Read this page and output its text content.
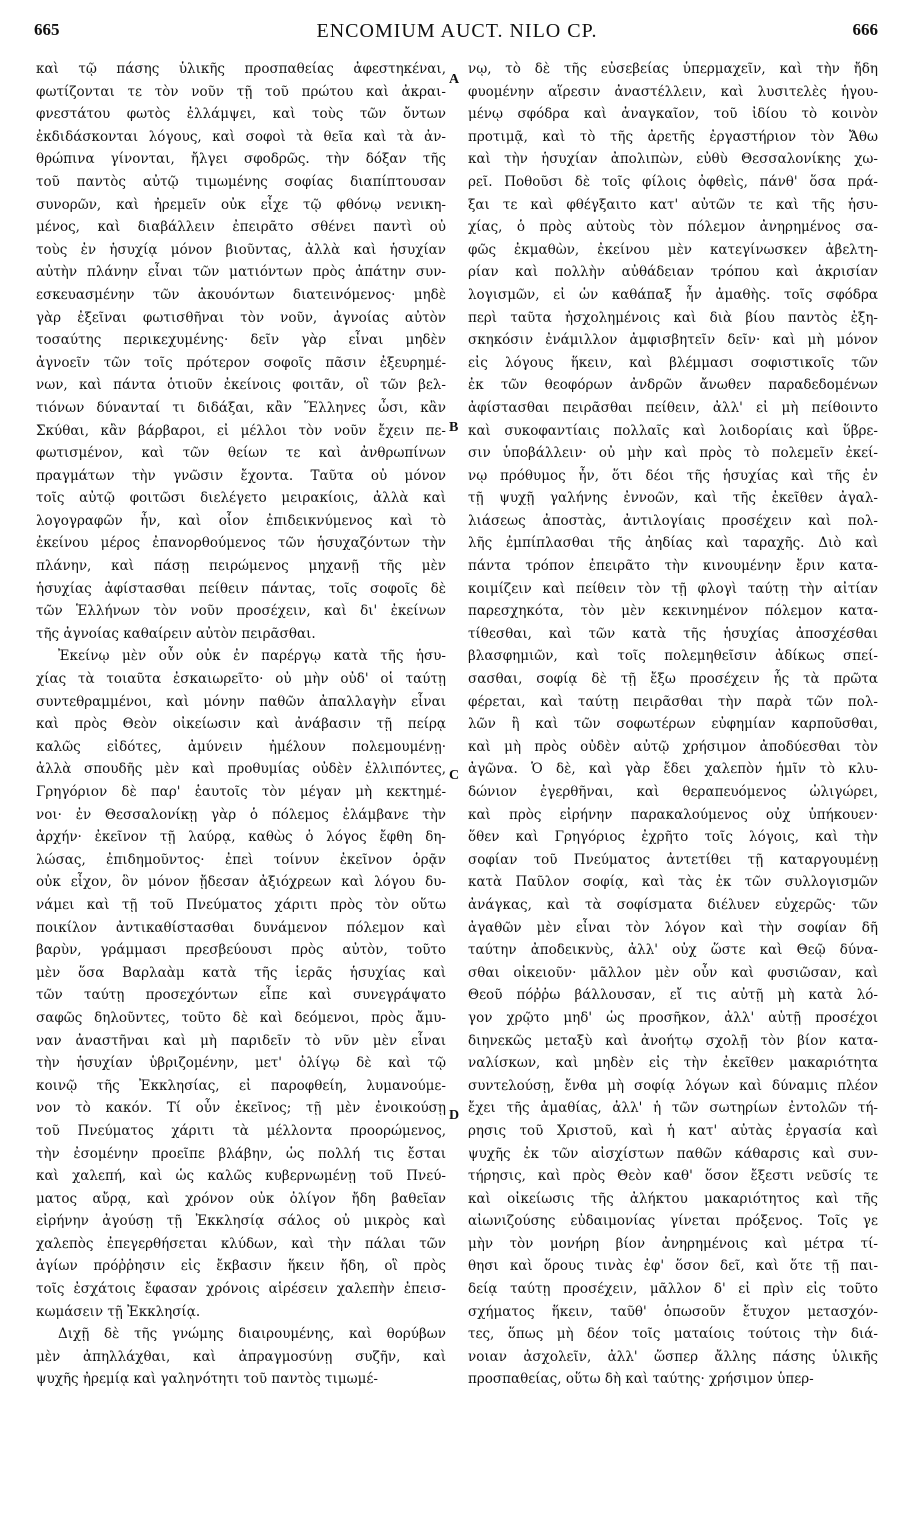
665	ENCOMIUM AUCT. NILO CP.	666
A
B
C
D
καὶ τῷ πάσης ὑλικῆς προσπαθείας ἀφεστηκέναι,
φωτίζονται τε τὸν νοῦν τῇ τοῦ πρώτου καὶ ἀκραι-
φνεστάτου φωτὸς ἐλλάμψει, καὶ τοὺς τῶν ὄντων
ἐκδιδάσκονται λόγους, καὶ σοφοὶ τὰ θεῖα καὶ τὰ ἀν-
θρώπινα γίνονται, ἤλγει σφοδρῶς. τὴν δόξαν τῆς
τοῦ παντὸς αὐτῷ τιμωμένης σοφίας διαπίπτουσαν
συνορῶν, καὶ ἠρεμεῖν οὐκ εἶχε τῷ φθόνῳ νενικη-
μένος, καὶ διαβάλλειν ἐπειρᾶτο σθένει παντὶ οὐ
τοὺς ἐν ἡσυχίᾳ μόνον βιοῦντας, ἀλλὰ καὶ ἡσυχίαν
αὐτὴν πλάνην εἶναι τῶν ματιόντων πρὸς ἀπάτην συν-
εσκευασμένην τῶν ἀκουόντων διατεινόμενος· μηδὲ
γὰρ ἐξεῖναι φωτισθῆναι τὸν νοῦν, ἀγνοίας αὐτὸν
τοσαύτης περικεχυμένης· δεῖν γὰρ εἶναι μηδὲν
ἀγνοεῖν τῶν τοῖς πρότερον σοφοῖς πᾶσιν ἐξευρημέ-
νων, καὶ πάντα ὁτιοῦν ἐκείνοις φοιτᾶν, οἳ τῶν βελ-
τιόνων δύνανταί τι διδάξαι, κἂν Ἕλληνες ὦσι, κἂν
Σκύθαι, κἂν βάρβαροι, εἰ μέλλοι τὸν νοῦν ἔχειν πε-
φωτισμένον, καὶ τῶν θείων τε καὶ ἀνθρωπίνων
πραγμάτων τὴν γνῶσιν ἔχοντα. Ταῦτα οὐ μόνον
τοῖς αὐτῷ φοιτῶσι διελέγετο μειρακίοις, ἀλλὰ καὶ
λογογραφῶν ἦν, καὶ οἷον ἐπιδεικνύμενος καὶ τὸ
ἐκείνου μέρος ἐπανορθούμενος τῶν ἡσυχαζόντων τὴν
πλάνην, καὶ πάσῃ πειρώμενος μηχανῇ τῆς μὲν
ἡσυχίας ἀφίστασθαι πείθειν πάντας, τοῖς σοφοῖς δὲ
τῶν Ἑλλήνων τὸν νοῦν προσέχειν, καὶ δι' ἐκείνων
τῆς ἀγνοίας καθαίρειν αὐτὸν πειρᾶσθαι.
Ἐκείνῳ μὲν οὖν οὐκ ἐν παρέργῳ κατὰ τῆς ἡσυ-
χίας τὰ τοιαῦτα ἐσκαιωρεῖτο· οὐ μὴν οὐδ' οἱ ταύτῃ
συντεθραμμένοι, καὶ μόνην παθῶν ἀπαλλαγὴν εἶναι
καὶ πρὸς Θεὸν οἰκείωσιν καὶ ἀνάβασιν τῇ πείρᾳ
καλῶς εἰδότες, ἀμύνειν ἠμέλουν πολεμουμένῃ·
ἀλλὰ σπουδῆς μὲν καὶ προθυμίας οὐδὲν ἐλλιπόντες,
Γρηγόριον δὲ παρ' ἑαυτοῖς τὸν μέγαν μὴ κεκτημέ-
νοι· ἐν Θεσσαλονίκῃ γὰρ ὁ πόλεμος ἐλάμβανε τὴν
ἀρχήν· ἐκεῖνον τῇ λαύρᾳ, καθὼς ὁ λόγος ἔφθη δη-
λώσας, ἐπιδημοῦντος· ἐπεὶ τοίνυν ἐκεῖνον ὁρᾷν
οὐκ εἶχον, ὃν μόνον ᾔδεσαν ἀξιόχρεων καὶ λόγου δυ-
νάμει καὶ τῇ τοῦ Πνεύματος χάριτι πρὸς τὸν οὕτω
ποικίλον ἀντικαθίστασθαι δυνάμενον πόλεμον καὶ
βαρὺν, γράμμασι πρεσβεύουσι πρὸς αὐτὸν, τοῦτο
μὲν ὅσα Βαρλαὰμ κατὰ τῆς ἱερᾶς ἡσυχίας καὶ
τῶν ταύτῃ προσεχόντων εἶπε καὶ συνεγράψατο
σαφῶς δηλοῦντες, τοῦτο δὲ καὶ δεόμενοι, πρὸς ἄμυ-
ναν ἀναστῆναι καὶ μὴ παριδεῖν τὸ νῦν μὲν εἶναι
τὴν ἡσυχίαν ὑβριζομένην, μετ' ὀλίγῳ δὲ καὶ τῷ
κοινῷ τῆς Ἐκκλησίας, εἰ παροφθείη, λυμανούμε-
νον τὸ κακόν. Τί οὖν ἐκεῖνος; τῇ μὲν ἐνοικούσῃ
τοῦ Πνεύματος χάριτι τὰ μέλλοντα προορώμενος,
τὴν ἐσομένην προεῖπε βλάβην, ὡς πολλή τις ἔσται
καὶ χαλεπή, καὶ ὡς καλῶς κυβερνωμένῃ τοῦ Πνεύ-
ματος αὔρᾳ, καὶ χρόνον οὐκ ὀλίγον ἤδη βαθεῖαν
εἰρήνην ἀγούσῃ τῇ Ἐκκλησίᾳ σάλος οὐ μικρὸς καὶ
χαλεπὸς ἐπεγερθήσεται κλύδων, καὶ τὴν πάλαι τῶν
ἁγίων πρόῤῥησιν εἰς ἔκβασιν ἥκειν ἤδη, οἳ πρὸς
τοῖς ἐσχάτοις ἔφασαν χρόνοις αἱρέσειν χαλεπὴν ἐπεισ-
κωμάσειν τῇ Ἐκκλησίᾳ.
Διχῇ δὲ τῆς γνώμης διαιρουμένης, καὶ θορύβων
μὲν ἀπηλλάχθαι, καὶ ἀπραγμοσύνῃ συζῆν, καὶ
ψυχῆς ἠρεμίᾳ καὶ γαληνότητι τοῦ παντὸς τιμωμέ-
νῳ, τὸ δὲ τῆς εὐσεβείας ὑπερμαχεῖν, καὶ τὴν ἤδη
φυομένην αἵρεσιν ἀναστέλλειν, καὶ λυσιτελὲς ἡγου-
μένῳ σφόδρα καὶ ἀναγκαῖον, τοῦ ἰδίου τὸ κοινὸν
προτιμᾷ, καὶ τὸ τῆς ἀρετῆς ἐργαστήριον τὸν Ἄθω
καὶ τὴν ἡσυχίαν ἀπολιπὼν, εὐθὺ Θεσσαλονίκης χω-
ρεῖ. Ποθοῦσι δὲ τοῖς φίλοις ὀφθεὶς, πάνθ' ὅσα πρά-
ξαι τε καὶ φθέγξαιτο κατ' αὐτῶν τε καὶ τῆς ἡσυ-
χίας, ὁ πρὸς αὐτοὺς τὸν πόλεμον ἀνηρημένος σα-
φῶς ἐκμαθὼν, ἐκείνου μὲν κατεγίνωσκεν ἀβελτη-
ρίαν καὶ πολλὴν αὐθάδειαν τρόπου καὶ ἀκρισίαν
λογισμῶν, εἰ ὡν καθάπαξ ἦν ἀμαθὴς. τοῖς σφόδρα
περὶ ταῦτα ἠσχολημένοις καὶ διὰ βίου παντὸς ἐξη-
σκηκόσιν ἐνάμιλλον ἀμφισβητεῖν δεῖν· καὶ μὴ μόνον
εἰς λόγους ἥκειν, καὶ βλέμμασι σοφιστικοῖς τῶν
ἐκ τῶν θεοφόρων ἀνδρῶν ἄνωθεν παραδεδομένων
ἀφίστασθαι πειρᾶσθαι πείθειν, ἀλλ' εἰ μὴ πείθοιντο
καὶ συκοφαντίαις πολλαῖς καὶ λοιδορίαις καὶ ὕβρε-
σιν ὑποβάλλειν· οὐ μὴν καὶ πρὸς τὸ πολεμεῖν ἐκεί-
νῳ πρόθυμος ἦν, ὅτι δέοι τῆς ἡσυχίας καὶ τῆς ἐν
τῇ ψυχῇ γαλήνης ἐννοῶν, καὶ τῆς ἐκεῖθεν ἀγαλ-
λιάσεως ἀποστὰς, ἀντιλογίαις προσέχειν καὶ πολ-
λῆς ἐμπίπλασθαι τῆς ἀηδίας καὶ ταραχῆς. Διὸ καὶ
πάντα τρόπον ἐπειρᾶτο τὴν κινουμένην ἔριν κατα-
κοιμίζειν καὶ πείθειν τὸν τῇ φλογὶ ταύτῃ τὴν αἰτίαν
παρεσχηκότα, τὸν μὲν κεκινημένον πόλεμον κατα-
τίθεσθαι, καὶ τῶν κατὰ τῆς ἡσυχίας ἀποσχέσθαι
βλασφημιῶν, καὶ τοῖς πολεμηθεῖσιν ἀδίκως σπεί-
σασθαι, σοφίᾳ δὲ τῇ ἔξω προσέχειν ἧς τὰ πρῶτα
φέρεται, καὶ ταύτῃ πειρᾶσθαι τὴν παρὰ τῶν πολ-
λῶν ἢ καὶ τῶν σοφωτέρων εὐφημίαν καρποῦσθαι,
καὶ μὴ πρὸς οὐδὲν αὐτῷ χρήσιμον ἀποδύεσθαι τὸν
ἀγῶνα. Ὁ δὲ, καὶ γὰρ ἔδει χαλεπὸν ἡμῖν τὸ κλυ-
δώνιον ἐγερθῆναι, καὶ θεραπευόμενος ὠλιγώρει,
καὶ πρὸς εἰρήνην παρακαλούμενος οὐχ ὑπήκουεν·
ὅθεν καὶ Γρηγόριος ἐχρῆτο τοῖς λόγοις, καὶ τὴν
σοφίαν τοῦ Πνεύματος ἀντετίθει τῇ καταργουμένῃ
κατὰ Παῦλον σοφίᾳ, καὶ τὰς ἐκ τῶν συλλογισμῶν
ἀνάγκας, καὶ τὰ σοφίσματα διέλυεν εὐχερῶς· τῶν
ἀγαθῶν μὲν εἶναι τὸν λόγον καὶ τὴν σοφίαν δῆ
ταύτην ἀποδεικνὺς, ἀλλ' οὐχ ὥστε καὶ Θεῷ δύνα-
σθαι οἰκειοῦν· μᾶλλον μὲν οὖν καὶ φυσιῶσαν, καὶ
Θεοῦ πόῤῥω βάλλουσαν, εἴ τις αὐτῇ μὴ κατὰ λό-
γον χρῷτο μηδ' ὡς προσῆκον, ἀλλ' αὐτῇ προσέχοι
διηνεκῶς μεταξὺ καὶ ἀνοήτῳ σχολῇ τὸν βίον κατα-
ναλίσκων, καὶ μηδὲν εἰς τὴν ἐκεῖθεν μακαριότητα
συντελούσῃ, ἔνθα μὴ σοφίᾳ λόγων καὶ δύναμις πλέον
ἔχει τῆς ἀμαθίας, ἀλλ' ἡ τῶν σωτηρίων ἐντολῶν τή-
ρησις τοῦ Χριστοῦ, καὶ ἡ κατ' αὐτὰς ἐργασία καὶ
ψυχῆς ἐκ τῶν αἰσχίστων παθῶν κάθαρσις καὶ συν-
τήρησις, καὶ πρὸς Θεὸν καθ' ὅσον ἔξεστι νεῦσίς τε
καὶ οἰκείωσις τῆς ἀλήκτου μακαριότητος καὶ τῆς
αἰωνιζούσης εὐδαιμονίας γίνεται πρόξενος. Τοῖς γε
μὴν τὸν μονήρη βίον ἀνηρημένοις καὶ μέτρα τί-
θησι καὶ ὅρους τινὰς ἐφ' ὅσον δεῖ, καὶ ὅτε τῇ παι-
δείᾳ ταύτῃ προσέχειν, μᾶλλον δ' εἰ πρὶν εἰς τοῦτο
σχήματος ἥκειν, ταῦθ' ὁπωσοῦν ἔτυχον μετασχόν-
τες, ὅπως μὴ δέον τοῖς ματαίοις τούτοις τὴν διά-
νοιαν ἀσχολεῖν, ἀλλ' ὥσπερ ἄλλης πάσης ὑλικῆς
προσπαθείας, οὕτω δὴ καὶ ταύτης· χρήσιμον ὑπερ-
